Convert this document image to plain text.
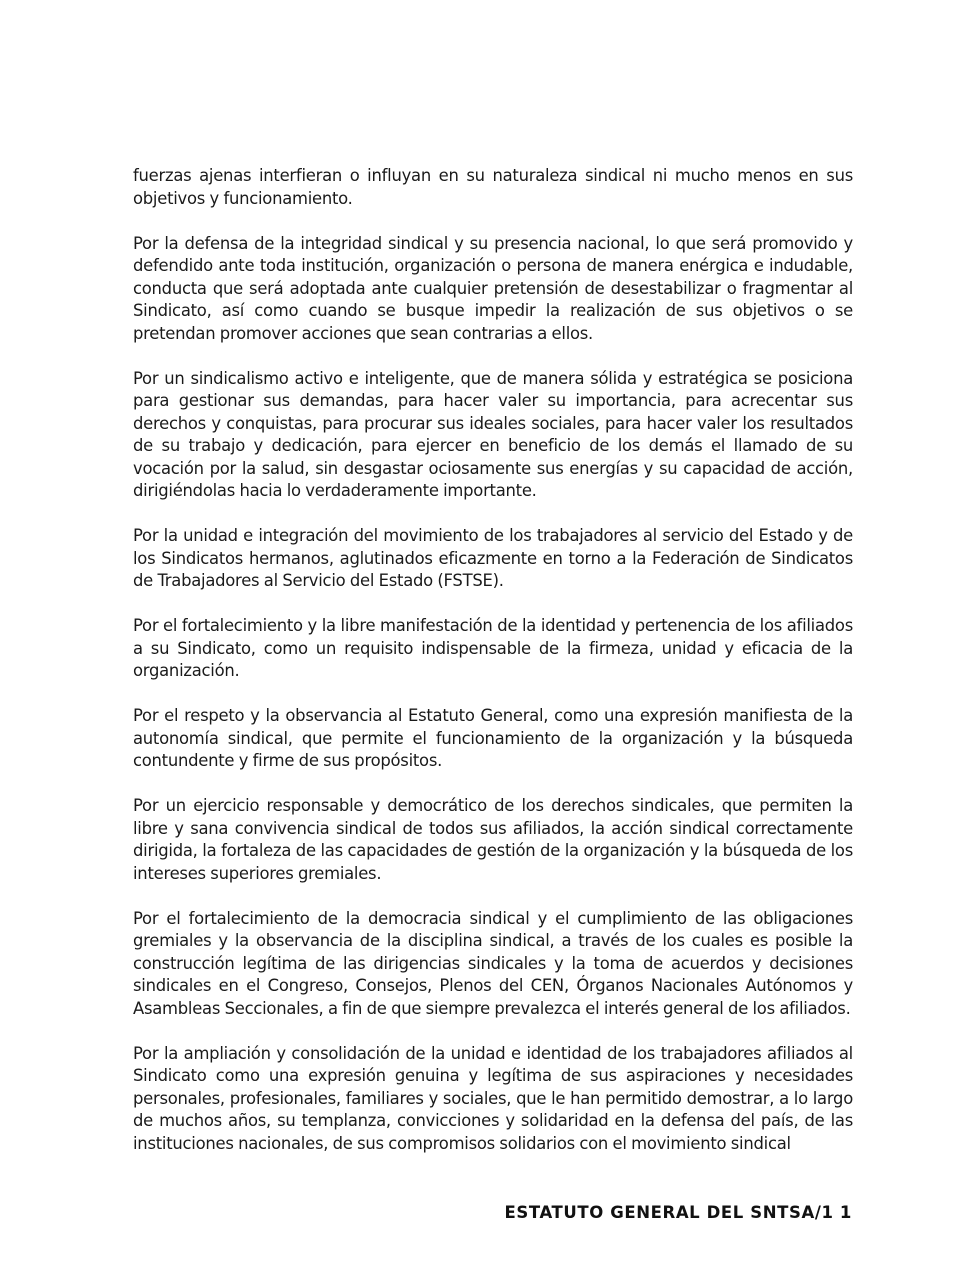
fuerzas ajenas interfieran o influyan en su naturaleza sindical ni mucho menos en sus objetivos y funcionamiento.

Por la defensa de la integridad sindical y su presencia nacional, lo que será promovido y defendido ante toda institución, organización o persona de manera enérgica e indudable, conducta que será adoptada ante cualquier pretensión de desestabilizar o fragmentar al Sindicato, así como cuando se busque impedir la realización de sus objetivos o se pretendan promover acciones que sean contrarias a ellos.

Por un sindicalismo activo e inteligente, que de manera sólida y estratégica se posiciona para gestionar sus demandas, para hacer valer su importancia, para acrecentar sus derechos y conquistas, para procurar sus ideales sociales, para hacer valer los resultados de su trabajo y dedicación, para ejercer en beneficio de los demás el llamado de su vocación por la salud, sin desgastar ociosamente sus energías y su capacidad de acción, dirigiéndolas hacia lo verdaderamente importante.

Por la unidad e integración del movimiento de los trabajadores al servicio del Estado y de los Sindicatos hermanos, aglutinados eficazmente en torno a la Federación de Sindicatos de Trabajadores al Servicio del Estado (FSTSE).

Por el fortalecimiento y la libre manifestación de la identidad y pertenencia de los afiliados a su Sindicato, como un requisito indispensable de la firmeza, unidad y eficacia de la organización.

Por el respeto y la observancia al Estatuto General, como una expresión manifiesta de la autonomía sindical, que permite el funcionamiento de la organización y la búsqueda contundente y firme de sus propósitos.

Por un ejercicio responsable y democrático de los derechos sindicales, que permiten la libre y sana convivencia sindical de todos sus afiliados, la acción sindical correctamente dirigida, la fortaleza de las capacidades de gestión de la organización y la búsqueda de los intereses superiores gremiales.

Por el fortalecimiento de la democracia sindical y el cumplimiento de las obligaciones gremiales y la observancia de la disciplina sindical, a través de los cuales es posible la construcción legítima de las dirigencias sindicales y la toma de acuerdos y decisiones sindicales en el Congreso, Consejos, Plenos del CEN, Órganos Nacionales Autónomos y Asambleas Seccionales, a fin de que siempre prevalezca el interés general de los afiliados.

Por la ampliación y consolidación de la unidad e identidad de los trabajadores afiliados al Sindicato como una expresión genuina y legítima de sus aspiraciones y necesidades personales, profesionales, familiares y sociales, que le han permitido demostrar, a lo largo de muchos años, su templanza, convicciones y solidaridad en la defensa del país, de las instituciones nacionales, de sus compromisos solidarios con el movimiento sindical

ESTATUTO GENERAL DEL SNTSA/1 1
